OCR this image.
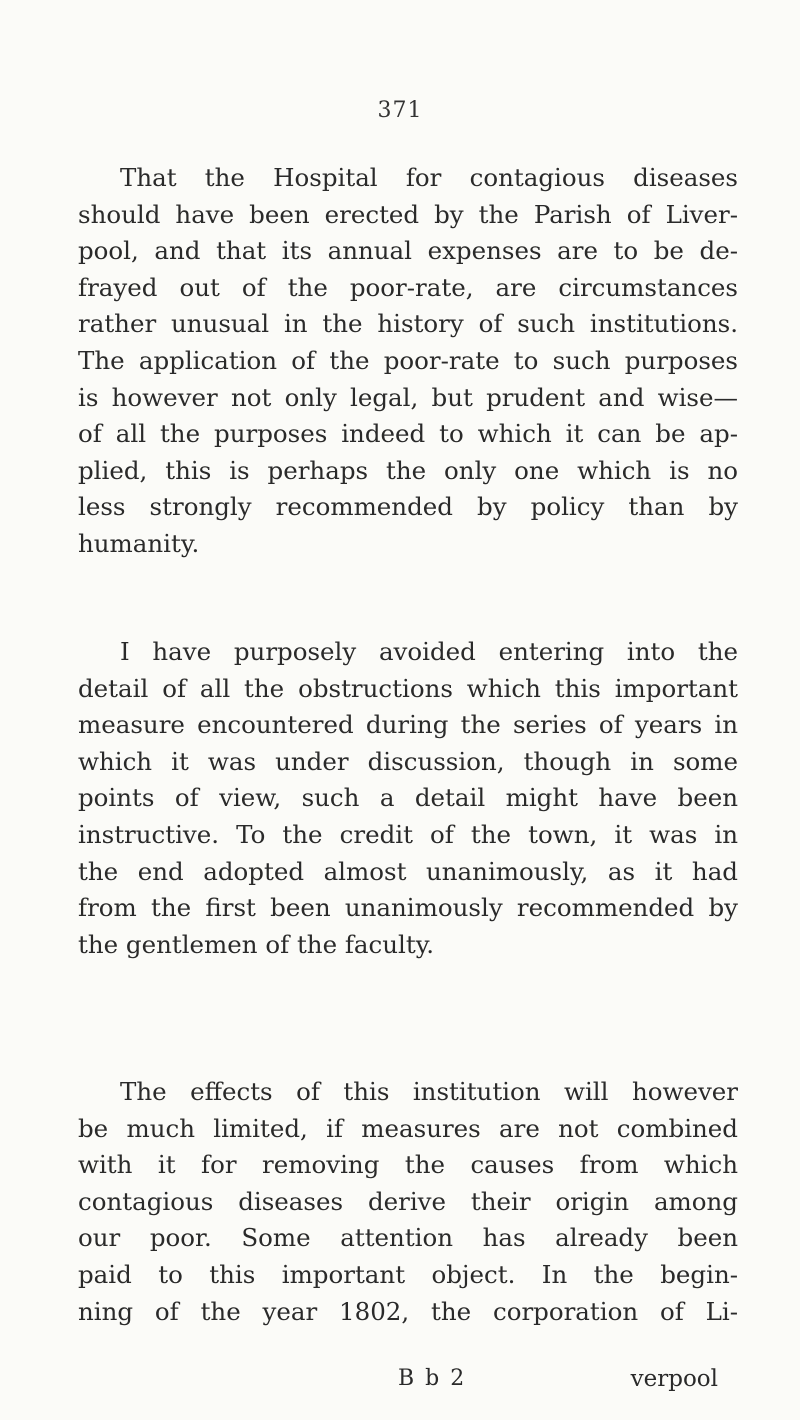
371
That the Hospital for contagious diseases
should have been erected by the Parish of Liver-
pool, and that its annual expenses are to be de-
frayed out of the poor-rate, are circumstances
rather unusual in the history of such institutions.
The application of the poor-rate to such purposes
is however not only legal, but prudent and wise—
of all the purposes indeed to which it can be ap-
plied, this is perhaps the only one which is no
less strongly recommended by policy than by
humanity.
I have purposely avoided entering into the
detail of all the obstructions which this important
measure encountered during the series of years in
which it was under discussion, though in some
points of view, such a detail might have been
instructive. To the credit of the town, it was in
the end adopted almost unanimously, as it had
from the first been unanimously recommended by
the gentlemen of the faculty.
The effects of this institution will however
be much limited, if measures are not combined
with it for removing the causes from which
contagious diseases derive their origin among
our poor. Some attention has already been
paid to this important object. In the begin-
ning of the year 1802, the corporation of Li-
B b 2	verpool
